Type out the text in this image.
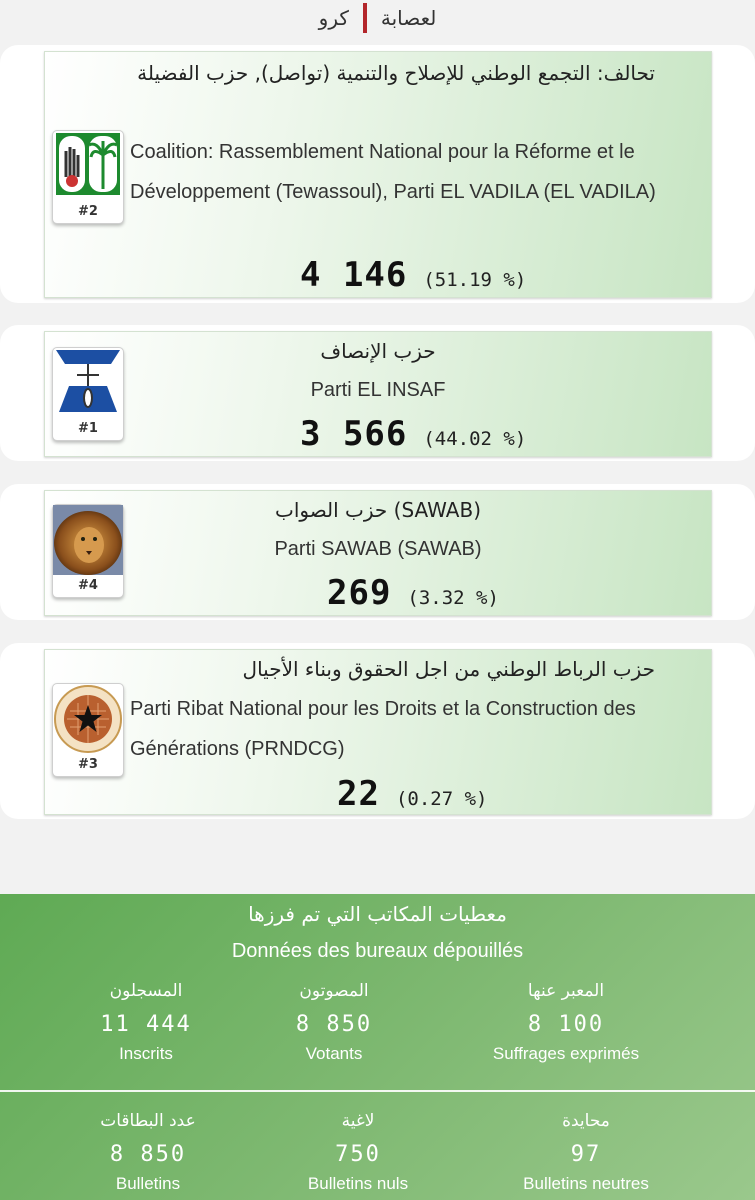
كرو لعصابة
#2
تحالف: التجمع الوطني للإصلاح والتنمية (تواصل), حزب الفضيلة
Coalition: Rassemblement National pour la Réforme et le Développement (Tewassoul), Parti EL VADILA (EL VADILA)
4 146 (51.19 %)
#1
حزب الإنصاف
Parti EL INSAF
3 566 (44.02 %)
#4
(SAWAB) حزب الصواب
Parti SAWAB (SAWAB)
269 (3.32 %)
#3
حزب الرباط الوطني من اجل الحقوق وبناء الأجيال
Parti Ribat National pour les Droits et la Construction des Générations (PRNDCG)
22 (0.27 %)
معطيات المكاتب التي تم فرزها
Données des bureaux dépouillés
المسجلون
11 444
Inscrits
المصوتون
8 850
Votants
المعبر عنها
8 100
Suffrages exprimés
عدد البطاقات
8 850
Bulletins
لاغية
750
Bulletins nuls
محايدة
97
Bulletins neutres
